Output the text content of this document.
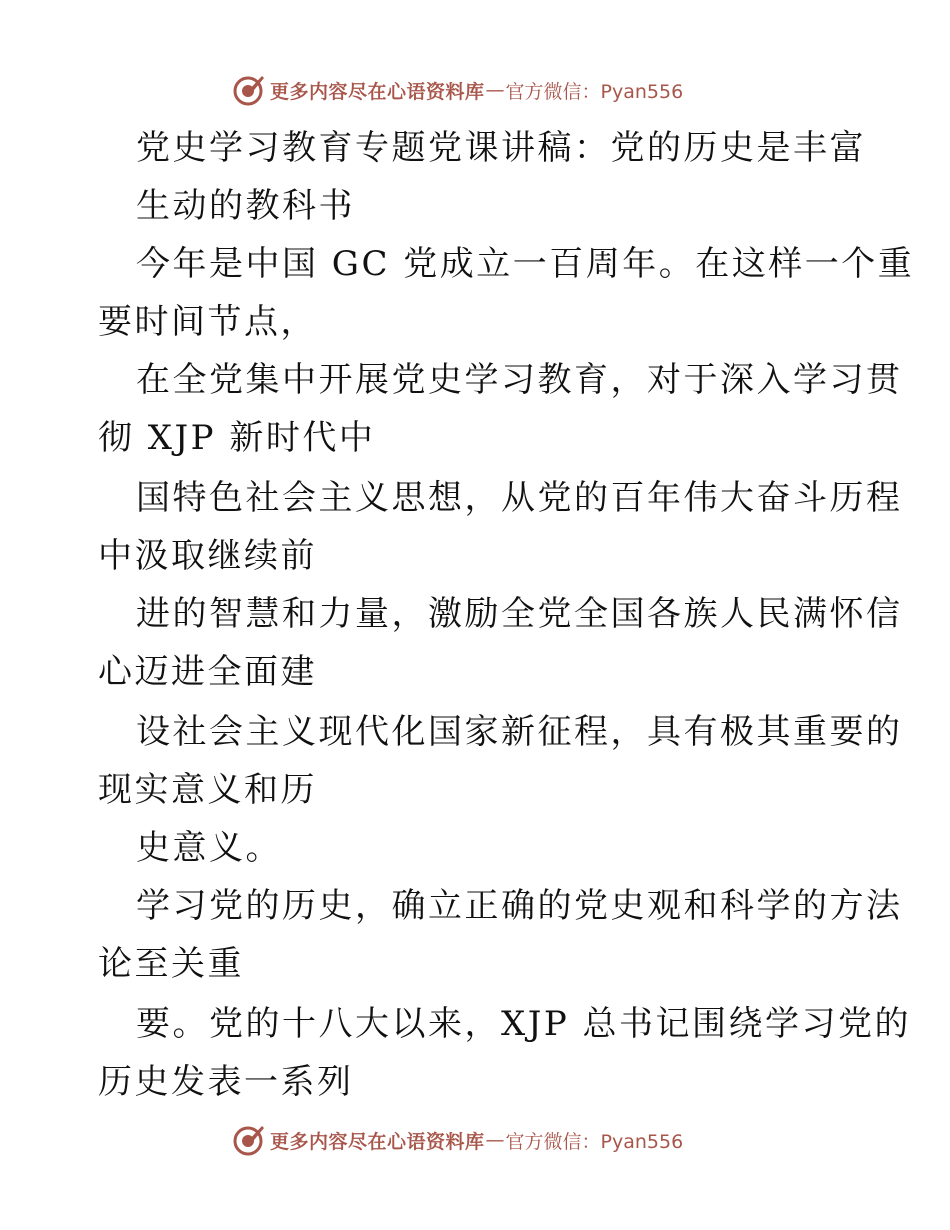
更多内容尽在心语资料库 — 官方微信：Pyan556
党史学习教育专题党课讲稿：党的历史是丰富
生动的教科书
今年是中国 GC 党成立一百周年。在这样一个重
要时间节点，
在全党集中开展党史学习教育，对于深入学习贯
彻 XJP 新时代中
国特色社会主义思想，从党的百年伟大奋斗历程
中汲取继续前
进的智慧和力量，激励全党全国各族人民满怀信
心迈进全面建
设社会主义现代化国家新征程，具有极其重要的
现实意义和历
史意义。
学习党的历史，确立正确的党史观和科学的方法
论至关重
要。党的十八大以来，XJP 总书记围绕学习党的
历史发表一系列
更多内容尽在心语资料库 — 官方微信：Pyan556
